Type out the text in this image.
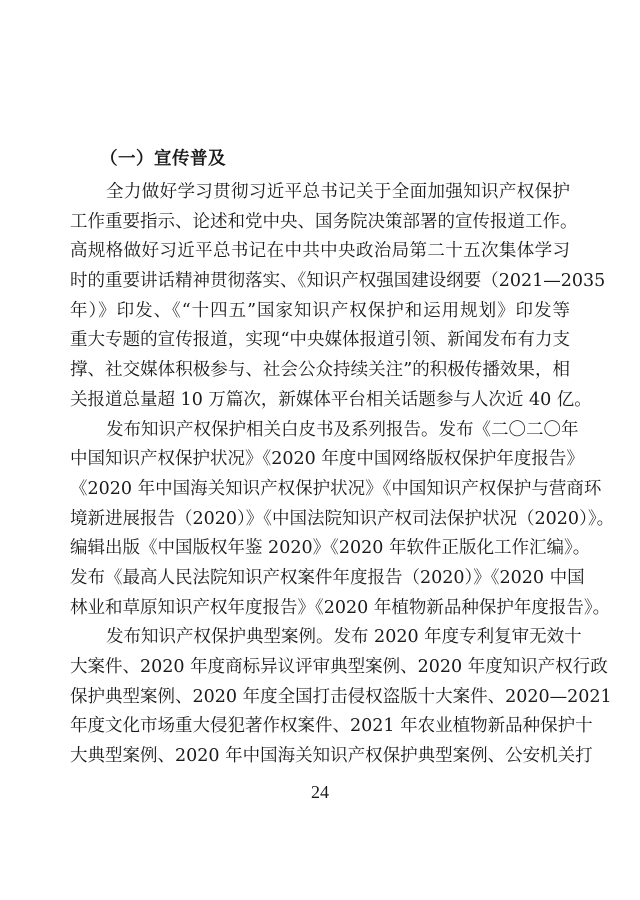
（一）宣传普及
全力做好学习贯彻习近平总书记关于全面加强知识产权保护
工作重要指示、论述和党中央、国务院决策部署的宣传报道工作。
高规格做好习近平总书记在中共中央政治局第二十五次集体学习
时的重要讲话精神贯彻落实、《知识产权强国建设纲要（2021—2035
年）》印发、《“十四五”国家知识产权保护和运用规划》印发等
重大专题的宣传报道，实现“中央媒体报道引领、新闻发布有力支
撑、社交媒体积极参与、社会公众持续关注”的积极传播效果，相
关报道总量超 10 万篇次，新媒体平台相关话题参与人次近 40 亿。
发布知识产权保护相关白皮书及系列报告。发布《二〇二〇年
中国知识产权保护状况》《2020 年度中国网络版权保护年度报告》
《2020 年中国海关知识产权保护状况》《中国知识产权保护与营商环
境新进展报告（2020）》《中国法院知识产权司法保护状况（2020）》。
编辑出版《中国版权年鉴 2020》《2020 年软件正版化工作汇编》。
发布《最高人民法院知识产权案件年度报告（2020）》《2020 中国
林业和草原知识产权年度报告》《2020 年植物新品种保护年度报告》。
发布知识产权保护典型案例。发布 2020 年度专利复审无效十
大案件、2020 年度商标异议评审典型案例、2020 年度知识产权行政
保护典型案例、2020 年度全国打击侵权盗版十大案件、2020—2021
年度文化市场重大侵犯著作权案件、2021 年农业植物新品种保护十
大典型案例、2020 年中国海关知识产权保护典型案例、公安机关打
24
